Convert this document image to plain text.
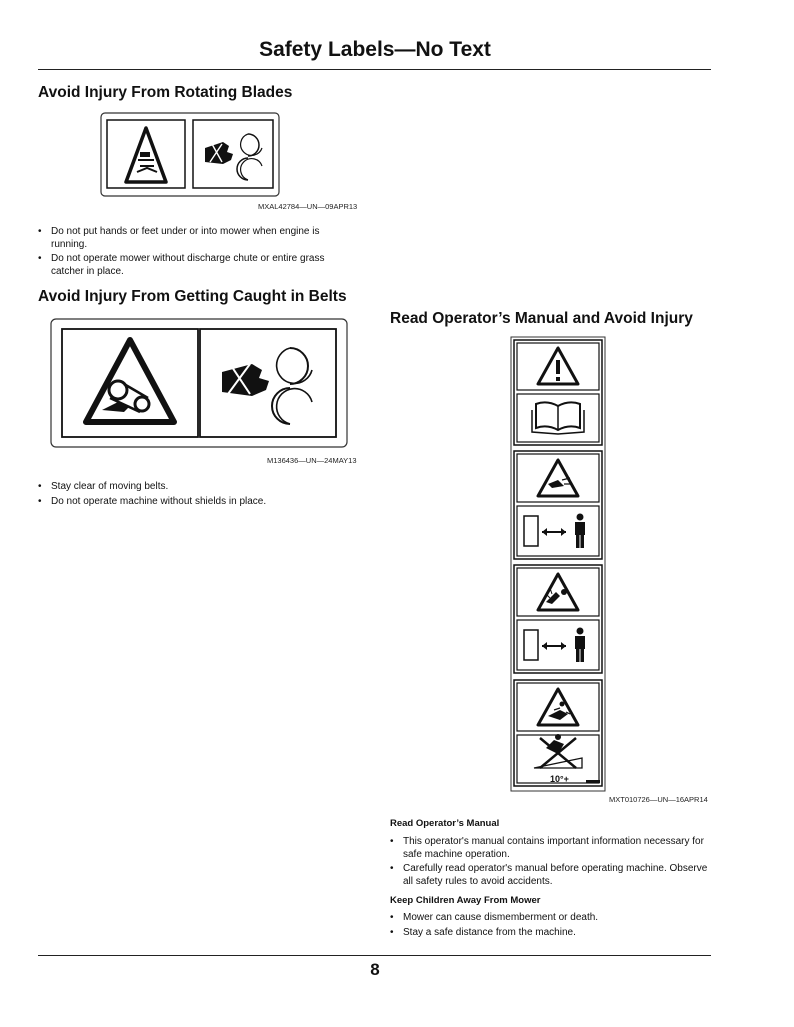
Safety Labels—No Text
Avoid Injury From Rotating Blades
MXAL42784—UN—09APR13
• Do not put hands or feet under or into mower when engine is running.
• Do not operate mower without discharge chute or entire grass catcher in place.
Avoid Injury From Getting Caught in Belts
M136436—UN—24MAY13
• Stay clear of moving belts.
• Do not operate machine without shields in place.
Read Operator’s Manual and Avoid Injury
10°+
MXT010726—UN—16APR14
Read Operator’s Manual
• This operator's manual contains important information necessary for safe machine operation.
• Carefully read operator's manual before operating machine. Observe all safety rules to avoid accidents.
Keep Children Away From Mower
• Mower can cause dismemberment or death.
• Stay a safe distance from the machine.
8
